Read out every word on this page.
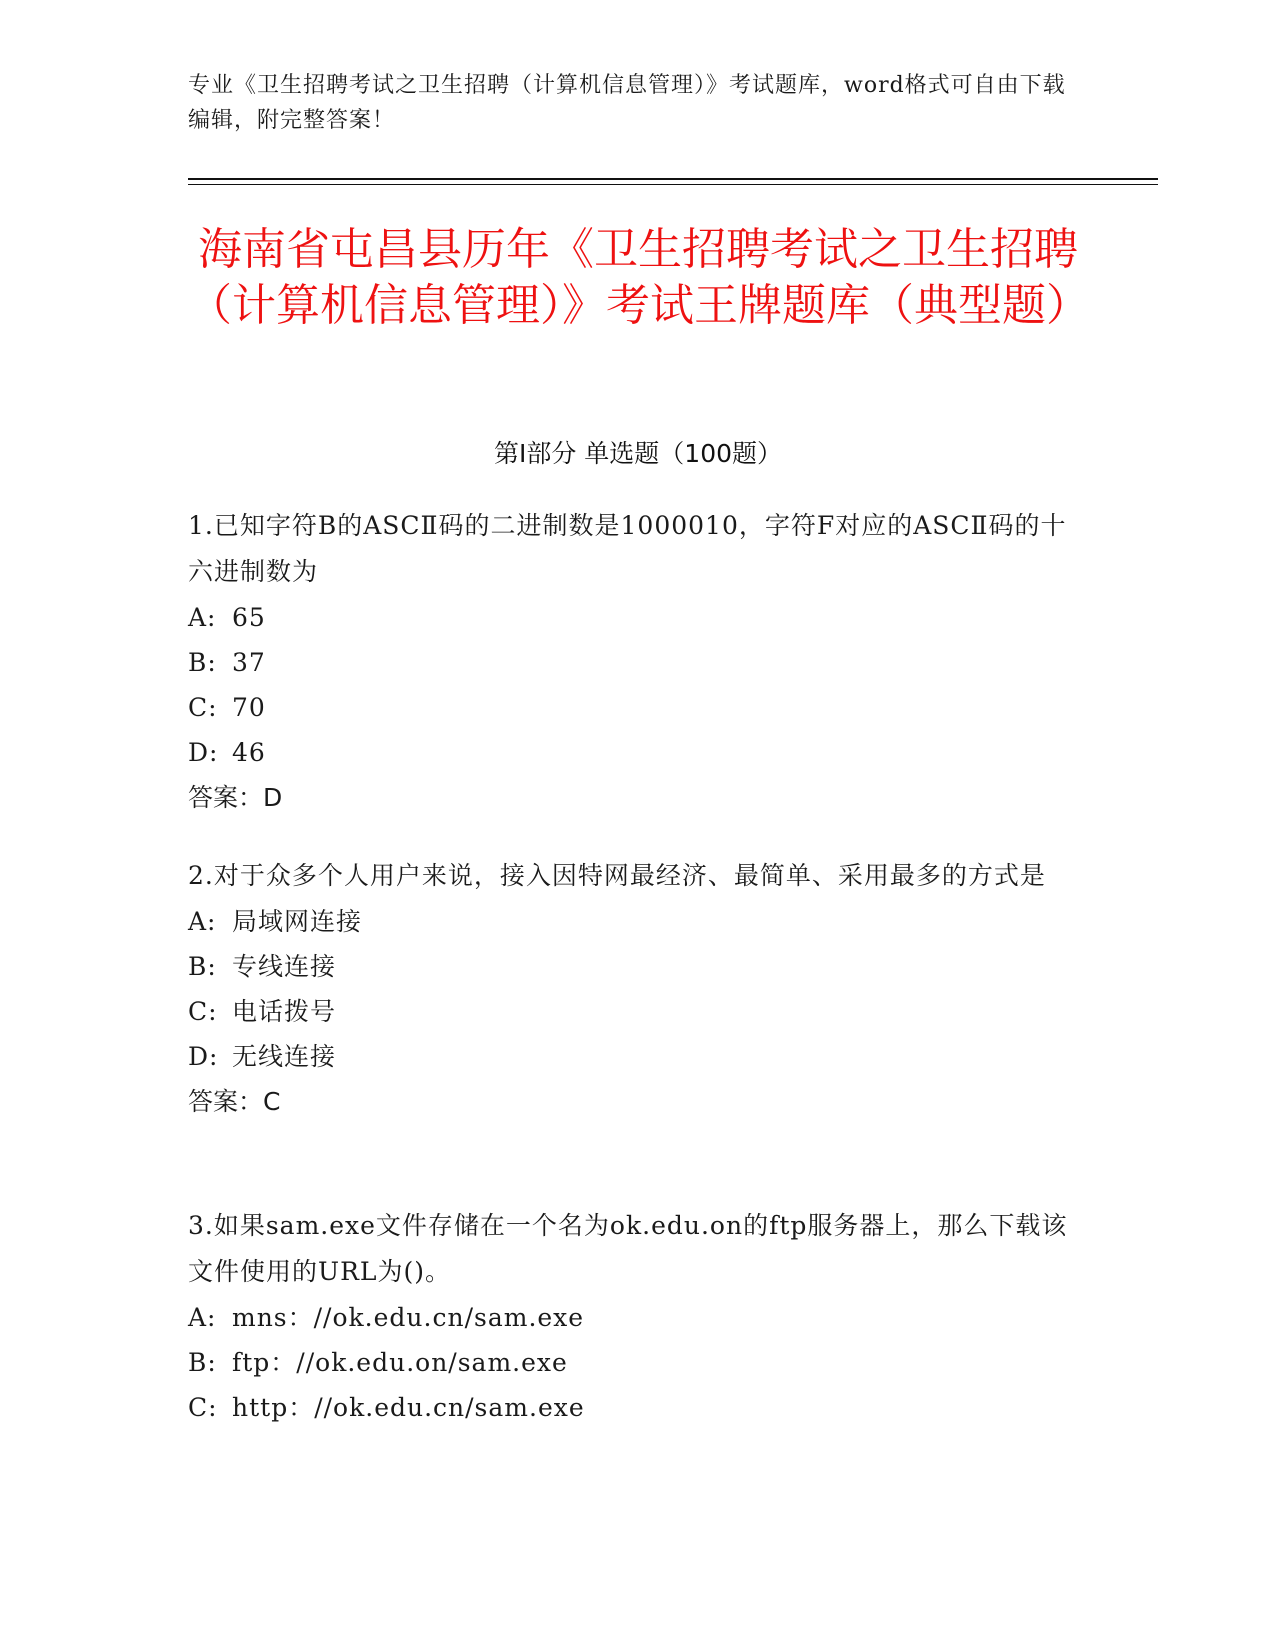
专业《卫生招聘考试之卫生招聘（计算机信息管理）》考试题库，word格式可自由下载编辑，附完整答案！
海南省屯昌县历年《卫生招聘考试之卫生招聘（计算机信息管理）》考试王牌题库（典型题）
第Ⅰ部分 单选题（100题）
1.已知字符B的ASCⅡ码的二进制数是1000010，字符F对应的ASCⅡ码的十六进制数为
A: 65
B: 37
C: 70
D: 46
答案：D
2.对于众多个人用户来说，接入因特网最经济、最简单、采用最多的方式是
A: 局域网连接
B: 专线连接
C: 电话拨号
D: 无线连接
答案：C
3.如果sam.exe文件存储在一个名为ok.edu.on的ftp服务器上，那么下载该文件使用的URL为()。
A: mns：//ok.edu.cn/sam.exe
B: ftp：//ok.edu.on/sam.exe
C: http：//ok.edu.cn/sam.exe
